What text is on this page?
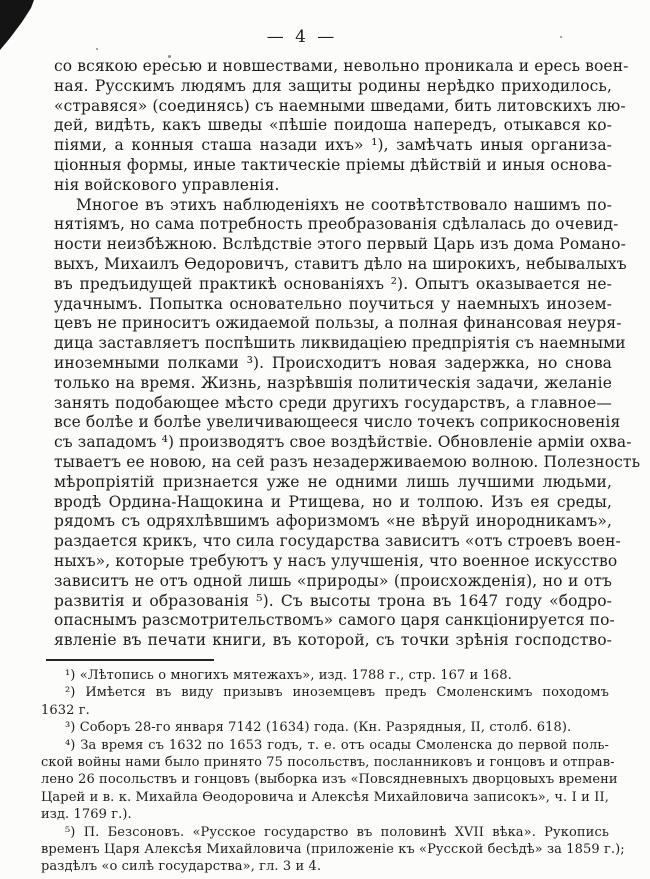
— 4 —
со всякою ересью и новшествами, невольно проникала и ересь воен-
ная. Русскимъ людямъ для защиты родины нерѣдко приходилось,
«стравяся» (соединясь) съ наемными шведами, бить литовскихъ лю-
дей, видѣть, какъ шведы «пѣшіе поидоша напередъ, отыкався ко-
піями, а конныя сташа назади ихъ» ¹), замѣчать иныя организа-
ціонныя формы, иные тактическіе пріемы дѣйствій и иныя основа-
нія войскового управленія.
Многое въ этихъ наблюденіяхъ не соотвѣтствовало нашимъ по-
нятіямъ, но сама потребность преобразованія сдѣлалась до очевид-
ности неизбѣжною. Вслѣдствіе этого первый Царь изъ дома Романо-
выхъ, Михаилъ Ѳедоровичъ, ставитъ дѣло на широкихъ, небывалыхъ
въ предъидущей практикѣ основаніяхъ ²). Опытъ оказывается не-
удачнымъ. Попытка основательно поучиться у наемныхъ инозем-
цевъ не приноситъ ожидаемой пользы, а полная финансовая неуря-
дица заставляетъ поспѣшить ликвидаціею предпріятія съ наемными
иноземными полками ³). Происходитъ новая задержка, но снова
только на время. Жизнь, назрѣвшія политическія задачи, желаніе
занять подобающее мѣсто среди другихъ государствъ, а главное—
все болѣе и болѣе увеличивающееся число точекъ соприкосновенія
съ западомъ ⁴) производятъ свое воздѣйствіе. Обновленіе арміи охва-
тываетъ ее новою, на сей разъ незадерживаемою волною. Полезность
мѣропріятій признается уже не одними лишь лучшими людьми,
вродѣ Ордина-Нащокина и Ртищева, но и толпою. Изъ ея среды,
рядомъ съ одряхлѣвшимъ афоризмомъ «не вѣруй инородникамъ»,
раздается крикъ, что сила государства зависитъ «отъ строевъ воен-
ныхъ», которые требуютъ у насъ улучшенія, что военное искусство
зависитъ не отъ одной лишь «природы» (происхожденія), но и отъ
развитія и образованія ⁵). Съ высоты трона въ 1647 году «бодро-
опаснымъ разсмотрительствомъ» самого царя санкціонируется по-
явленіе въ печати книги, въ которой, съ точки зрѣнія господство-
¹) «Лѣтопись о многихъ мятежахъ», изд. 1788 г., стр. 167 и 168.
²) Имѣется въ виду призывъ иноземцевъ предъ Смоленскимъ походомъ
1632 г.
³) Соборъ 28-го января 7142 (1634) года. (Кн. Разрядныя, II, столб. 618).
⁴) За время съ 1632 по 1653 годъ, т. е. отъ осады Смоленска до первой поль-
ской войны нами было принято 75 посольствъ, посланниковъ и гонцовъ и отправ-
лено 26 посольствъ и гонцовъ (выборка изъ «Повсядневныхъ дворцовыхъ времени
Царей и в. к. Михайла Ѳеодоровича и Алексѣя Михайловича записокъ», ч. I и II,
изд. 1769 г.).
⁵) П. Безсоновъ. «Русское государство въ половинѣ XVII вѣка». Рукопись
временъ Царя Алексѣя Михайловича (приложеніе къ «Русской бесѣдѣ» за 1859 г.);
раздѣлъ «о силѣ государства», гл. 3 и 4.
